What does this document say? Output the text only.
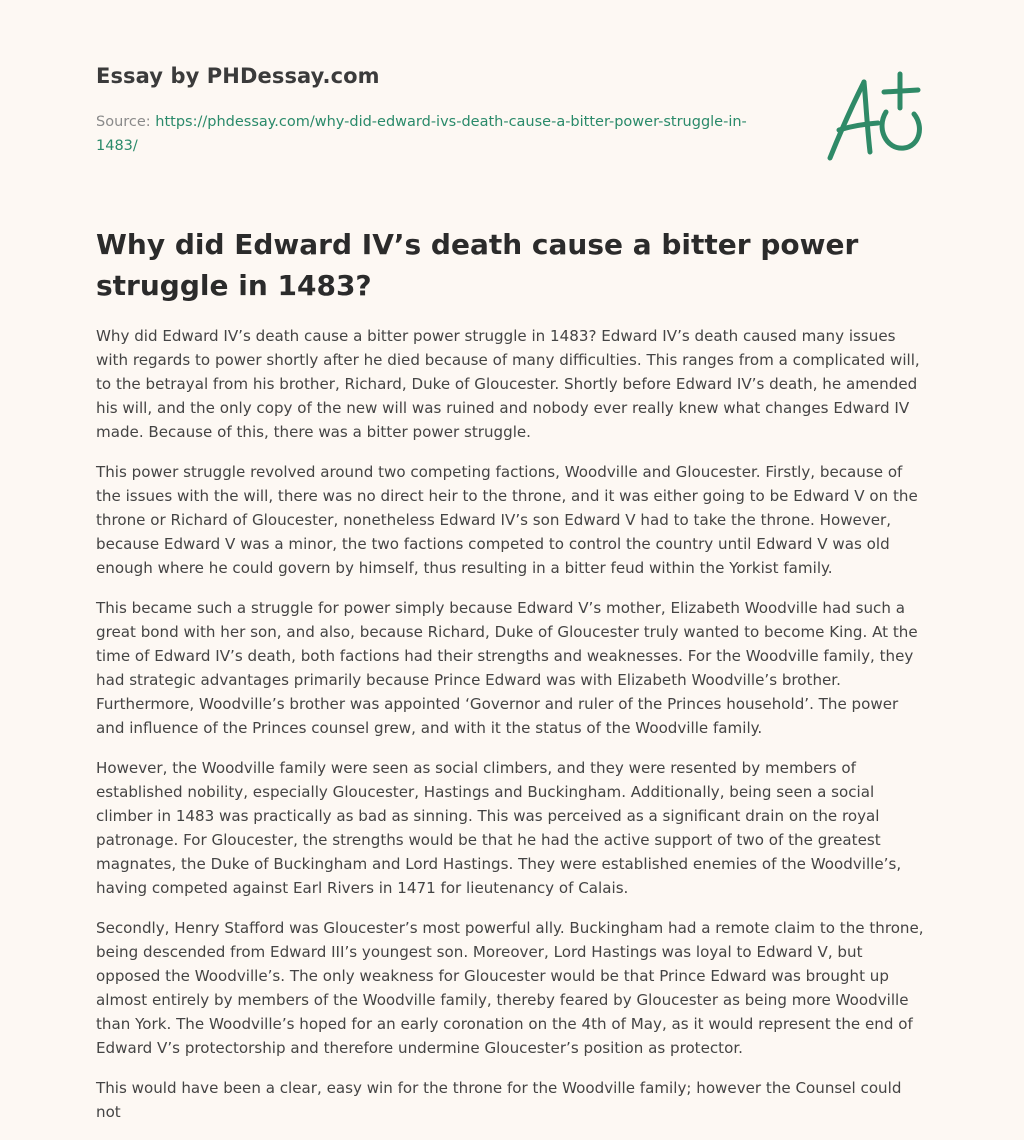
Essay by PHDessay.com
Source: https://phdessay.com/why-did-edward-ivs-death-cause-a-bitter-power-struggle-in-1483/
Why did Edward IV’s death cause a bitter power struggle in 1483?

Why did Edward IV’s death cause a bitter power struggle in 1483? Edward IV’s death caused many issues with regards to power shortly after he died because of many difficulties. This ranges from a complicated will, to the betrayal from his brother, Richard, Duke of Gloucester. Shortly before Edward IV’s death, he amended his will, and the only copy of the new will was ruined and nobody ever really knew what changes Edward IV made. Because of this, there was a bitter power struggle.

This power struggle revolved around two competing factions, Woodville and Gloucester. Firstly, because of the issues with the will, there was no direct heir to the throne, and it was either going to be Edward V on the throne or Richard of Gloucester, nonetheless Edward IV’s son Edward V had to take the throne. However, because Edward V was a minor, the two factions competed to control the country until Edward V was old enough where he could govern by himself, thus resulting in a bitter feud within the Yorkist family.

This became such a struggle for power simply because Edward V’s mother, Elizabeth Woodville had such a great bond with her son, and also, because Richard, Duke of Gloucester truly wanted to become King. At the time of Edward IV’s death, both factions had their strengths and weaknesses. For the Woodville family, they had strategic advantages primarily because Prince Edward was with Elizabeth Woodville’s brother. Furthermore, Woodville’s brother was appointed ‘Governor and ruler of the Princes household’. The power and influence of the Princes counsel grew, and with it the status of the Woodville family.

However, the Woodville family were seen as social climbers, and they were resented by members of established nobility, especially Gloucester, Hastings and Buckingham. Additionally, being seen a social climber in 1483 was practically as bad as sinning. This was perceived as a significant drain on the royal patronage. For Gloucester, the strengths would be that he had the active support of two of the greatest magnates, the Duke of Buckingham and Lord Hastings. They were established enemies of the Woodville’s, having competed against Earl Rivers in 1471 for lieutenancy of Calais.

Secondly, Henry Stafford was Gloucester’s most powerful ally. Buckingham had a remote claim to the throne, being descended from Edward III’s youngest son. Moreover, Lord Hastings was loyal to Edward V, but opposed the Woodville’s. The only weakness for Gloucester would be that Prince Edward was brought up almost entirely by members of the Woodville family, thereby feared by Gloucester as being more Woodville than York. The Woodville’s hoped for an early coronation on the 4th of May, as it would represent the end of Edward V’s protectorship and therefore undermine Gloucester’s position as protector.

This would have been a clear, easy win for the throne for the Woodville family; however the Counsel could not
